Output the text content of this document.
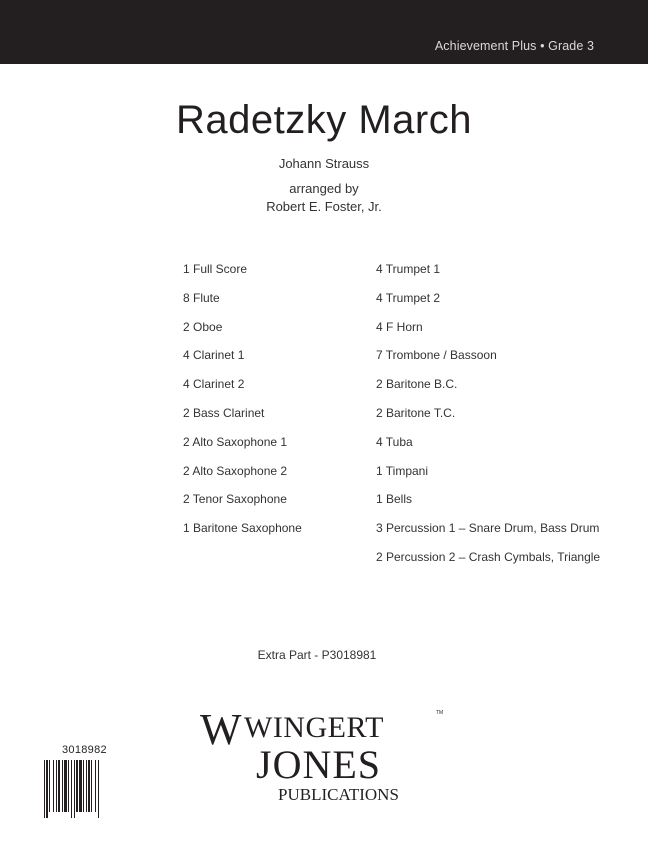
Achievement Plus • Grade 3
Radetzky March
Johann Strauss
arranged by
Robert E. Foster, Jr.
1 Full Score
8 Flute
2 Oboe
4 Clarinet 1
4 Clarinet 2
2 Bass Clarinet
2 Alto Saxophone 1
2 Alto Saxophone 2
2 Tenor Saxophone
1 Baritone Saxophone
4 Trumpet 1
4 Trumpet 2
4 F Horn
7 Trombone / Bassoon
2 Baritone B.C.
2 Baritone T.C.
4 Tuba
1 Timpani
1 Bells
3 Percussion 1 – Snare Drum, Bass Drum
2 Percussion 2 – Crash Cymbals, Triangle
Extra Part - P3018981
W WINGERT	TM
JONES
PUBLICATIONS
3018982
